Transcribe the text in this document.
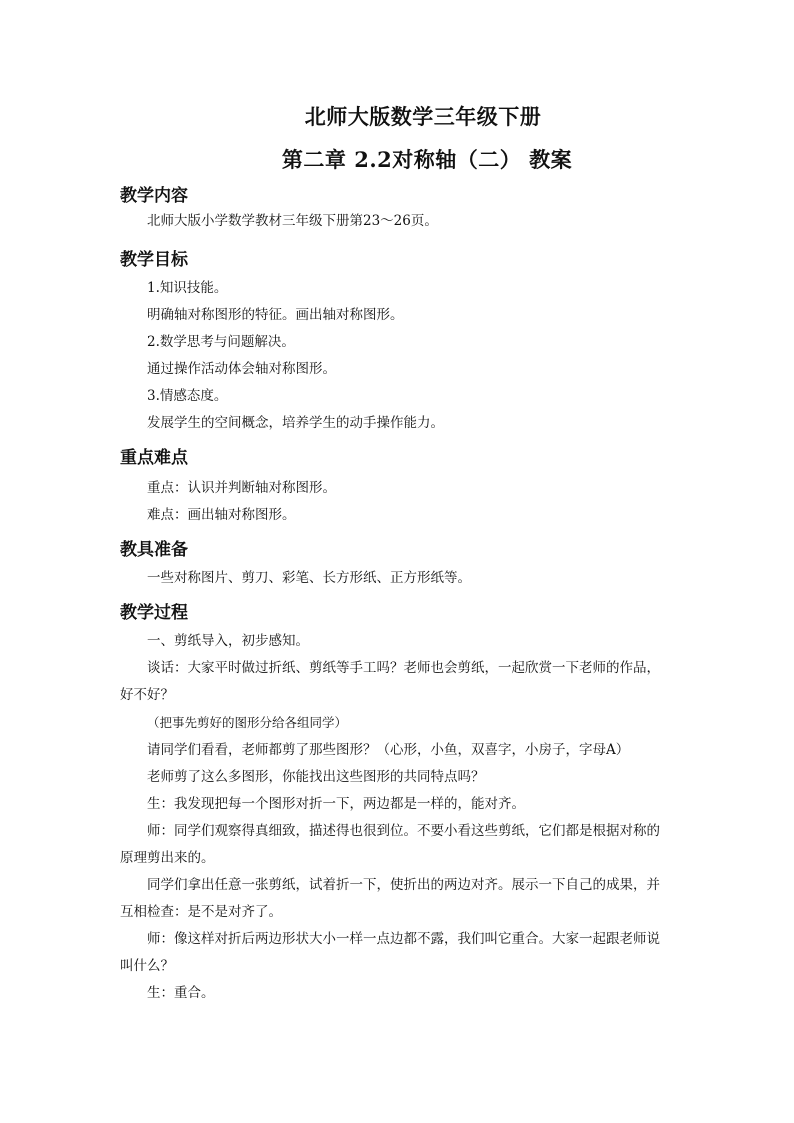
北师大版数学三年级下册
第二章 2.2对称轴（二） 教案
教学内容
北师大版小学数学教材三年级下册第23～26页。
教学目标
1.知识技能。
明确轴对称图形的特征。画出轴对称图形。
2.数学思考与问题解决。
通过操作活动体会轴对称图形。
3.情感态度。
发展学生的空间概念，培养学生的动手操作能力。
重点难点
重点：认识并判断轴对称图形。
难点：画出轴对称图形。
教具准备
一些对称图片、剪刀、彩笔、长方形纸、正方形纸等。
教学过程
一、剪纸导入，初步感知。
谈话：大家平时做过折纸、剪纸等手工吗？老师也会剪纸，一起欣赏一下老师的作品，
好不好？
（把事先剪好的图形分给各组同学）
请同学们看看，老师都剪了那些图形？（心形，小鱼，双喜字，小房子，字母A）
老师剪了这么多图形，你能找出这些图形的共同特点吗？
生：我发现把每一个图形对折一下，两边都是一样的，能对齐。
师：同学们观察得真细致，描述得也很到位。不要小看这些剪纸，它们都是根据对称的
原理剪出来的。
同学们拿出任意一张剪纸，试着折一下，使折出的两边对齐。展示一下自己的成果，并
互相检查：是不是对齐了。
师：像这样对折后两边形状大小一样一点边都不露，我们叫它重合。大家一起跟老师说
叫什么？
生：重合。
